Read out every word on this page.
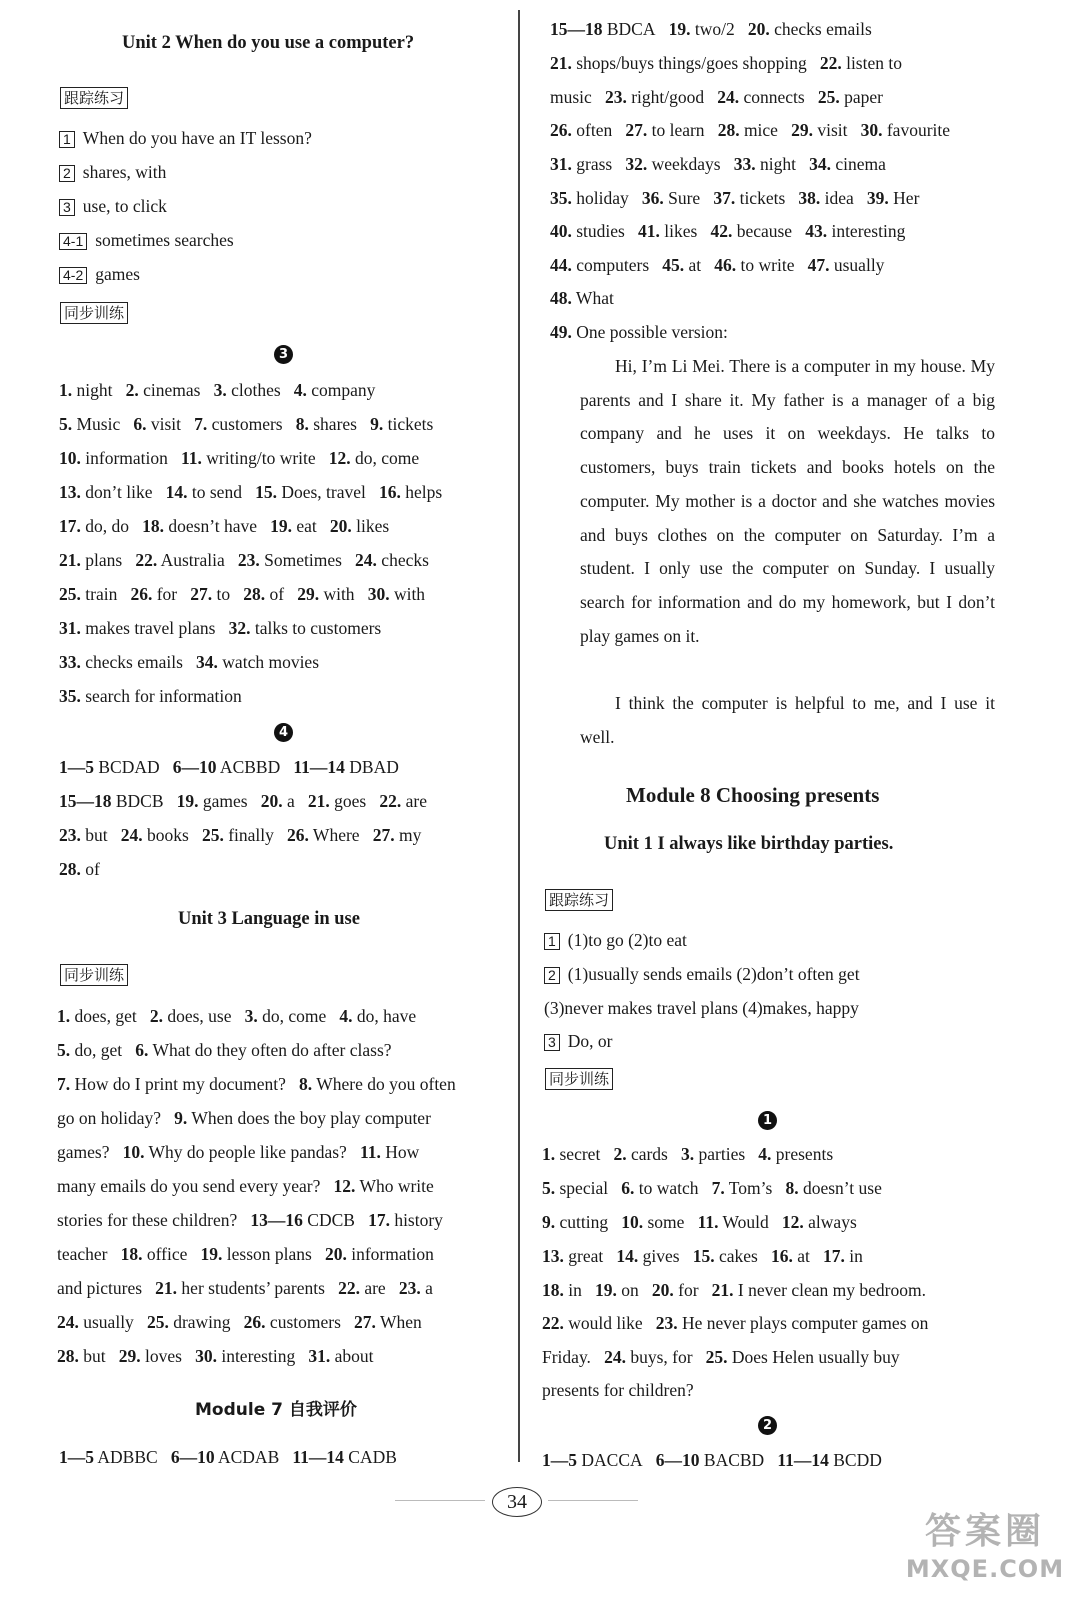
Unit 2 When do you use a computer?
跟踪练习
1 When do you have an IT lesson?
2 shares, with
3 use, to click
4-1 sometimes searches
4-2 games
同步训练
3
1. night   2. cinemas   3. clothes   4. company
5. Music   6. visit   7. customers   8. shares   9. tickets
10. information   11. writing/to write   12. do, come
13. don’t like   14. to send   15. Does, travel   16. helps
17. do, do   18. doesn’t have   19. eat   20. likes
21. plans   22. Australia   23. Sometimes   24. checks
25. train   26. for   27. to   28. of   29. with   30. with
31. makes travel plans   32. talks to customers
33. checks emails   34. watch movies
35. search for information
4
1—5 BCDAD   6—10 ACBBD   11—14 DBAD
15—18 BDCB   19. games   20. a   21. goes   22. are
23. but   24. books   25. finally   26. Where   27. my
28. of
Unit 3 Language in use
同步训练
1. does, get   2. does, use   3. do, come   4. do, have
5. do, get   6. What do they often do after class?
7. How do I print my document?   8. Where do you often
go on holiday?   9. When does the boy play computer
games?   10. Why do people like pandas?   11. How
many emails do you send every year?   12. Who write
stories for these children?   13—16 CDCB   17. history
teacher   18. office   19. lesson plans   20. information
and pictures   21. her students’ parents   22. are   23. a
24. usually   25. drawing   26. customers   27. When
28. but   29. loves   30. interesting   31. about
Module 7 自我评价
1—5 ADBBC   6—10 ACDAB   11—14 CADB
15—18 BDCA   19. two/2   20. checks emails
21. shops/buys things/goes shopping   22. listen to
music   23. right/good   24. connects   25. paper
26. often   27. to learn   28. mice   29. visit   30. favourite
31. grass   32. weekdays   33. night   34. cinema
35. holiday   36. Sure   37. tickets   38. idea   39. Her
40. studies   41. likes   42. because   43. interesting
44. computers   45. at   46. to write   47. usually
48. What
49. One possible version:
Hi, I’m Li Mei. There is a computer in my house. My parents and I share it. My father is a manager of a big company and he uses it on weekdays. He talks to customers, buys train tickets and books hotels on the computer. My mother is a doctor and she watches movies and buys clothes on the computer on Saturday. I’m a student. I only use the computer on Sunday. I usually search for information and do my homework, but I don’t play games on it.
I think the computer is helpful to me, and I use it well.
Module 8 Choosing presents
Unit 1 I always like birthday parties.
跟踪练习
1 (1)to go (2)to eat
2 (1)usually sends emails (2)don’t often get
(3)never makes travel plans (4)makes, happy
3 Do, or
同步训练
1
1. secret   2. cards   3. parties   4. presents
5. special   6. to watch   7. Tom’s   8. doesn’t use
9. cutting   10. some   11. Would   12. always
13. great   14. gives   15. cakes   16. at   17. in
18. in   19. on   20. for   21. I never clean my bedroom.
22. would like   23. He never plays computer games on
Friday.   24. buys, for   25. Does Helen usually buy
presents for children?
2
1—5 DACCA   6—10 BACBD   11—14 BCDD
34
答案圈
MXQE.COM
